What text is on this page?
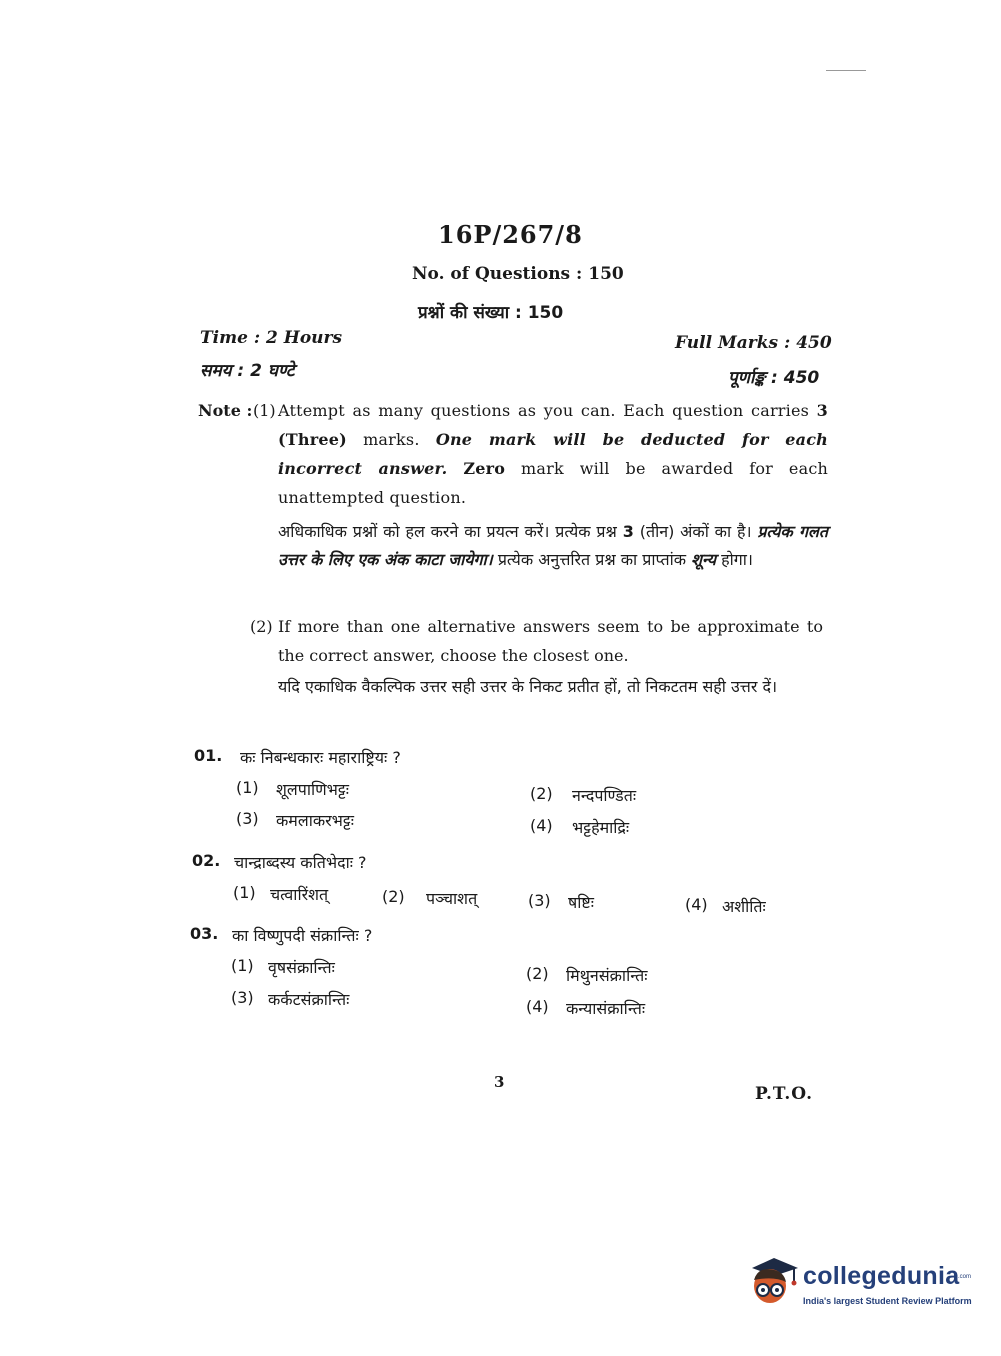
16P/267/8
No. of Questions : 150
प्रश्नों की संख्या : 150
Time : 2 Hours
समय : 2 घण्टे
Full Marks : 450
पूर्णाङ्क : 450
Note : (1) Attempt as many questions as you can. Each question carries 3 (Three) marks. One mark will be deducted for each incorrect answer. Zero mark will be awarded for each unattempted question.
अधिकाधिक प्रश्नों को हल करने का प्रयत्न करें। प्रत्येक प्रश्न 3 (तीन) अंकों का है। प्रत्येक गलत उत्तर के लिए एक अंक काटा जायेगा। प्रत्येक अनुत्तरित प्रश्न का प्राप्तांक शून्य होगा।
(2) If more than one alternative answers seem to be approximate to the correct answer, choose the closest one.
यदि एकाधिक वैकल्पिक उत्तर सही उत्तर के निकट प्रतीत हों, तो निकटतम सही उत्तर दें।
01. कः निबन्धकारः महाराष्ट्रियः ?
(1) शूलपाणिभट्टः	(2) नन्दपण्डितः
(3) कमलाकरभट्टः	(4) भट्टहेमाद्रिः
02. चान्द्राब्दस्य कतिभेदाः ?
(1) चत्वारिंशत्	(2) पञ्चाशत्	(3) षष्टिः	(4) अशीतिः
03. का विष्णुपदी संक्रान्तिः ?
(1) वृषसंक्रान्तिः	(2) मिथुनसंक्रान्तिः
(3) कर्कटसंक्रान्तिः	(4) कन्यासंक्रान्तिः
3
P.T.O.
collegedunia
.com
India's largest Student Review Platform
